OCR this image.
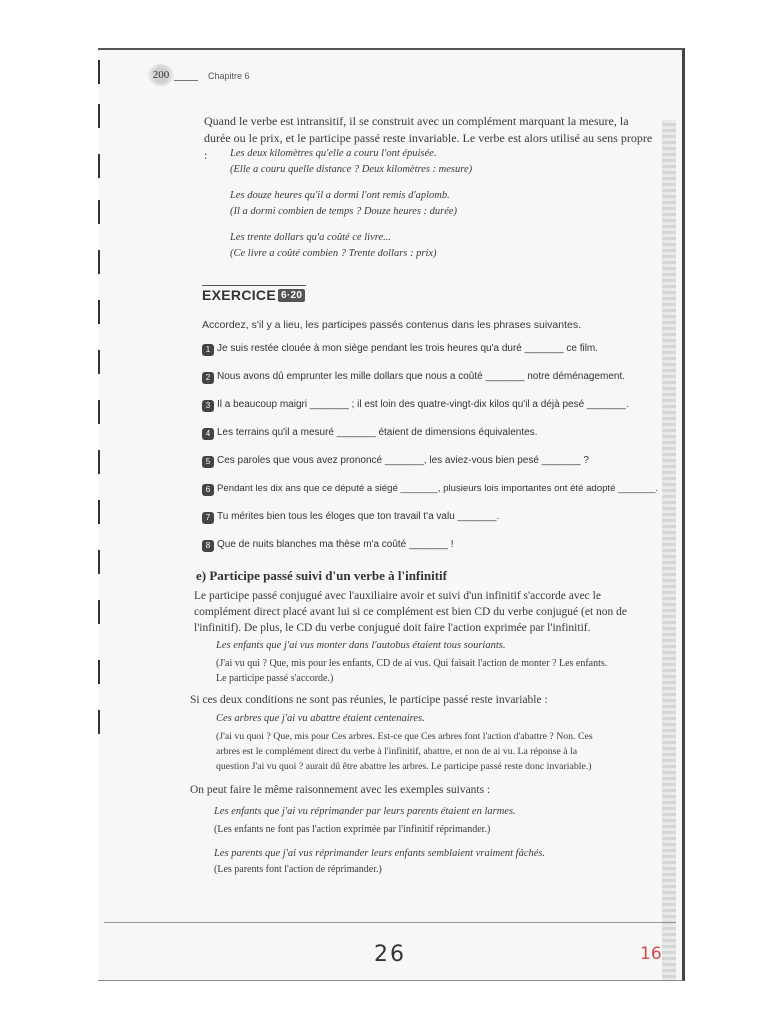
200	Chapitre 6
Quand le verbe est intransitif, il se construit avec un complément marquant la mesure, la durée ou le prix, et le participe passé reste invariable. Le verbe est alors utilisé au sens propre :	Les deux kilomètres qu'elle a couru l'ont épuisée.
(Elle a couru quelle distance ? Deux kilomètres : mesure)
Les douze heures qu'il a dormi l'ont remis d'aplomb.
(Il a dormi combien de temps ? Douze heures : durée)
Les trente dollars qu'a coûté ce livre...
(Ce livre a coûté combien ? Trente dollars : prix)
EXERCICE 6·20
Accordez, s'il y a lieu, les participes passés contenus dans les phrases suivantes.
1 Je suis restée clouée à mon siège pendant les trois heures qu'a duré _______ ce film.
2 Nous avons dû emprunter les mille dollars que nous a coûté _______ notre déménagement.
3 Il a beaucoup maigri _______ ; il est loin des quatre-vingt-dix kilos qu'il a déjà pesé _______.
4 Les terrains qu'il a mesuré _______ étaient de dimensions équivalentes.
5 Ces paroles que vous avez prononcé _______, les aviez-vous bien pesé _______ ?
6 Pendant les dix ans que ce député a siégé _______, plusieurs lois importantes ont été adopté _______.
7 Tu mérites bien tous les éloges que ton travail t'a valu _______.
8 Que de nuits blanches ma thèse m'a coûté _______ !
e) Participe passé suivi d'un verbe à l'infinitif
Le participe passé conjugué avec l'auxiliaire avoir et suivi d'un infinitif s'accorde avec le complément direct placé avant lui si ce complément est bien CD du verbe conjugué (et non de l'infinitif). De plus, le CD du verbe conjugué doit faire l'action exprimée par l'infinitif.
Les enfants que j'ai vus monter dans l'autobus étaient tous souriants.
(J'ai vu qui ? Que, mis pour les enfants, CD de ai vus. Qui faisait l'action de monter ? Les enfants. Le participe passé s'accorde.)
Si ces deux conditions ne sont pas réunies, le participe passé reste invariable :
Ces arbres que j'ai vu abattre étaient centenaires.
(J'ai vu quoi ? Que, mis pour Ces arbres. Est-ce que Ces arbres font l'action d'abattre ? Non. Ces arbres est le complément direct du verbe à l'infinitif, abattre, et non de ai vu. La réponse à la question J'ai vu quoi ? aurait dû être abattre les arbres. Le participe passé reste donc invariable.)
On peut faire le même raisonnement avec les exemples suivants :
Les enfants que j'ai vu réprimander par leurs parents étaient en larmes.
(Les enfants ne font pas l'action exprimée par l'infinitif réprimander.)
Les parents que j'ai vus réprimander leurs enfants semblaient vraiment fâchés.
(Les parents font l'action de réprimander.)
26	16
